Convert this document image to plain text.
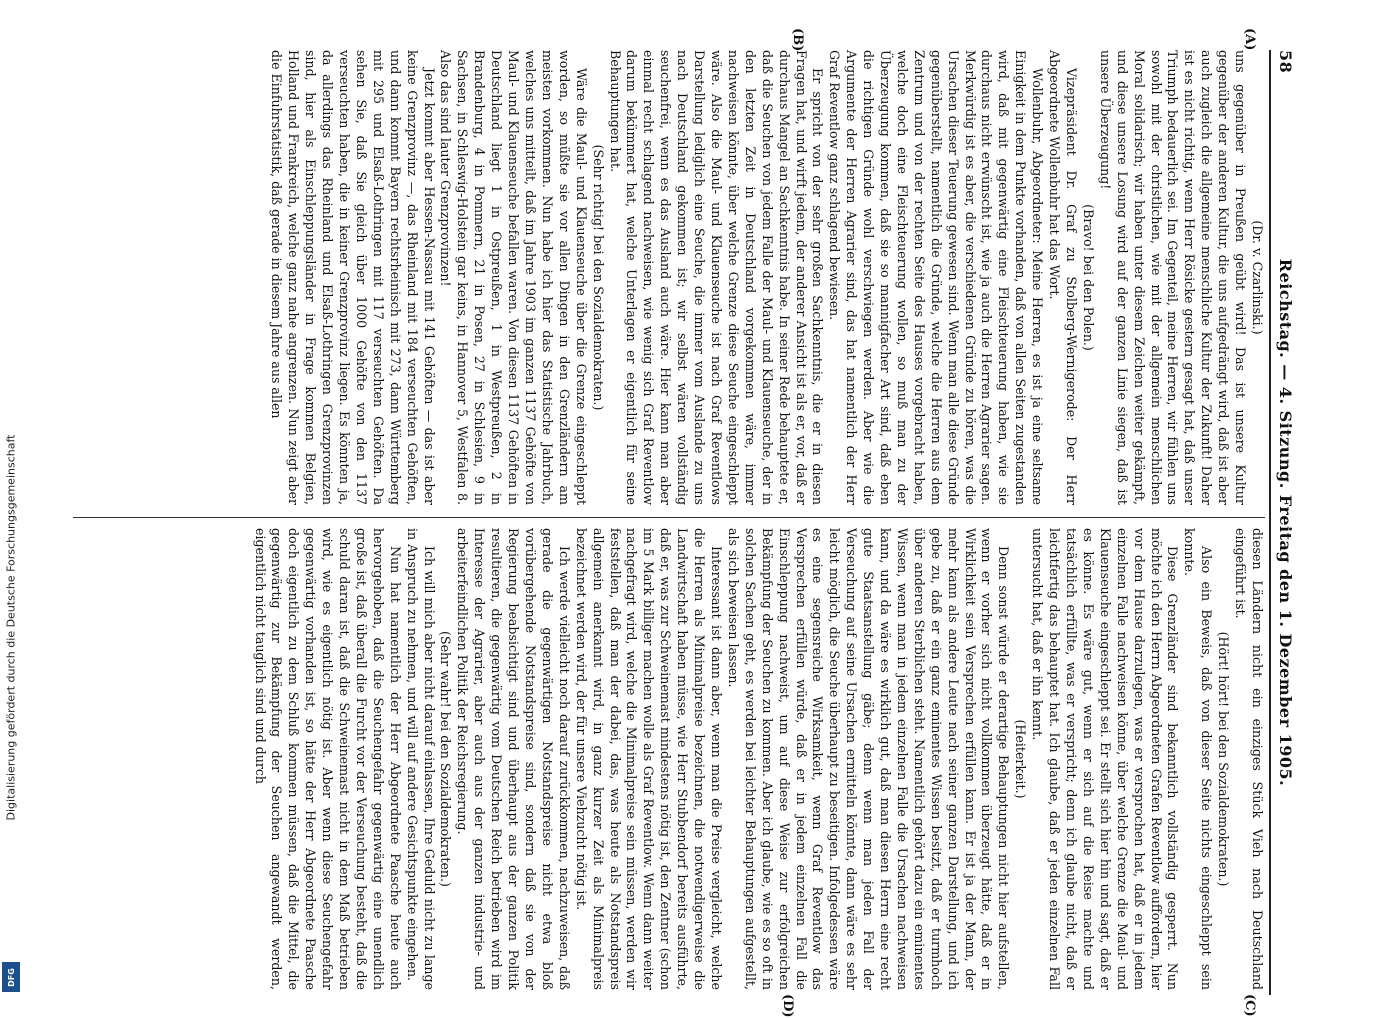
58
Reichstag. — 4. Sitzung. Freitag den 1. Dezember 1905.
(A)
(B)
(C)
(D)

(Dr. v. Czarlinski.)

uns gegenüber in Preußen geübt wird! Das ist unsere Kultur gegenüber der anderen Kultur, die uns aufgedrängt wird, daß ist aber auch zugleich die allgemeine menschliche Kultur der Zukunft! Daher ist es nicht richtig, wenn Herr Rösicke gestern gesagt hat, daß unser Triumph bedauerlich sei. Im Gegenteil, meine Herren, wir fühlen uns sowohl mit der christlichen, wie mit der allgemein menschlichen Moral solidarisch; wir haben unter diesem Zeichen weiter gekämpft, und diese unsere Losung wird auf der ganzen Linie siegen, daß ist unsere Überzeugung!

(Bravo! bei den Polen.)

Vizepräsident Dr. Graf zu Stolberg-Wernigerode: Der Herr Abgeordnete Wollenbuhr hat das Wort.

Wollenbuhr, Abgeordneter: Meine Herren, es ist ja eine seltsame Einigkeit in dem Punkte vorhanden, daß von allen Seiten zugestanden wird, daß mit gegenwärtig eine Fleischteuerung haben, wie sie durchaus nicht erwünscht ist, wie ja auch die Herren Agrarier sagen. Merkwürdig ist es aber, die verschiedenen Gründe zu hören, was die Ursachen dieser Teuerung gewesen sind. Wenn man alle diese Gründe gegenüberstellt, namentlich die Gründe, welche die Herren aus dem Zentrum und von der rechten Seite des Hauses vorgebracht haben, welche doch eine Fleischteuerung wollen, so muß man zu der Überzeugung kommen, daß sie so mannigfacher Art sind, daß eben die richtigen Gründe wohl verschwiegen werden. Aber wie die Argumente der Herren Agrarier sind, das hat namentlich der Herr Graf Reventlow ganz schlagend bewiesen.

Er spricht von der sehr großen Sachkenntnis, die er in diesen Fragen hat, und wirft jedem, der anderer Ansicht ist als er, vor, daß er durchaus Mangel an Sachkenntnis habe. In seiner Rede behauptete er, daß die Seuchen von jedem Falle der Maul- und Klauenseuche, der in den letzten Zeit in Deutschland vorgekommen wäre, immer nachweisen könnte, über welche Grenze diese Seuche eingeschleppt wäre. Also die Maul- und Klauenseuche ist nach Graf Reventlows Darstellung lediglich eine Seuche, die immer vom Auslande zu uns nach Deutschland gekommen ist; wir selbst wären vollständig seuchenfrei, wenn es das Ausland auch wäre. Hier kann man aber einmal recht schlagend nachweisen, wie wenig sich Graf Reventlow darum bekümmert hat, welche Unterlagen er eigentlich für seine Behauptungen hat.

(Sehr richtig! bei den Sozialdemokraten.)

Wäre die Maul- und Klauenseuche über die Grenze eingeschleppt worden, so müßte sie vor allen Dingen in den Grenzländern am meisten vorkommen. Nun habe ich hier das Statistische Jahrbuch, welches uns mitteilt, daß im Jahre 1903 im ganzen 1137 Gehöfte von Maul- und Klauenseuche befallen waren. Von diesen 1137 Gehöften in Deutschland liegt 1 in Ostpreußen, 1 in Westpreußen, 2 in Brandenburg, 4 in Pommern, 21 in Posen, 27 in Schlesien, 9 in Sachsen, in Schleswig-Holstein gar keins, in Hannover 5, Westfalen 8. Also das sind lauter Grenzprovinzen!

Jetzt kommt aber Hessen-Nassau mit 141 Gehöften — das ist aber keine Grenzprovinz —, das Rheinland mit 184 verseuchten Gehöften, und dann kommt Bayern rechtsrheinisch mit 273, dann Württemberg mit 295 und Elsaß-Lothringen mit 117 verseuchten Gehöften. Da sehen Sie, daß Sie gleich über 1000 Gehöfte von den 1137 verseuchten haben, die in keiner Grenzprovinz liegen. Es könnten ja, da allerdings das Rheinland und Elsaß-Lothringen Grenzprovinzen sind, hier als Einschleppungsländer in Frage kommen Belgien, Holland und Frankreich, welche ganz nahe angrenzen. Nun zeigt aber die Einfuhrstatistik, daß gerade in diesem Jahre aus allen

diesen Ländern nicht ein einziges Stück Vieh nach Deutschland eingeführt ist.

(Hört! hört! bei den Sozialdemokraten.)

Also ein Beweis, daß von dieser Seite nichts eingeschleppt sein konnte.

Diese Grenzländer sind bekanntlich vollständig gesperrt. Nun möchte ich den Herrn Abgeordneten Grafen Reventlow auffordern, hier vor dem Hause darzulegen, was er versprochen hat, daß er in jedem einzelnen Falle nachweisen könne, über welche Grenze die Maul- und Klauenseuche eingeschleppt sei. Er stellt sich hier hin und sagt, daß er es könne. Es wäre gut, wenn er sich auf die Reise machte und tatsächlich erfüllte, was er verspricht; denn ich glaube nicht, daß er leichtfertig das behauptet hat. Ich glaube, daß er jeden einzelnen Fall untersucht hat, daß er ihn kennt.

(Heiterkeit.)

Denn sonst würde er derartige Behauptungen nicht hier aufstellen, wenn er vorher sich nicht vollkommen überzeugt hätte, daß er in Wirklichkeit sein Versprechen erfüllen kann. Er ist ja der Mann, der mehr kann als andere Leute nach seiner ganzen Darstellung, und ich gebe zu, daß er ein ganz eminentes Wissen besitzt, daß er turmhoch über anderen Sterblichen steht. Namentlich gehört dazu ein eminentes Wissen, wenn man in jedem einzelnen Falle die Ursachen nachweisen kann, und da wäre es wirklich gut, daß man diesen Herrn eine recht gute Staatsanstellung gäbe; denn wenn man jeden Fall der Verseuchung auf seine Ursachen ermitteln könnte, dann wäre es sehr leicht möglich, die Seuche überhaupt zu beseitigen. Infolgedessen wäre es eine segensreiche Wirksamkeit, wenn Graf Reventlow das Versprechen erfüllen würde, daß er in jedem einzelnen Fall die Einschleppung nachweist, um auf diese Weise zur erfolgreichen Bekämpfung der Seuchen zu kommen. Aber ich glaube, wie es so oft in solchen Sachen geht, es werden bei leichter Behauptungen aufgestellt, als sich beweisen lassen.

Interessant ist dann aber, wenn man die Preise vergleicht, welche die Herren als Minimalpreise bezeichnen, die notwendigerweise die Landwirtschaft haben müsse, wie Herr Stubbendorf bereits ausführte, daß er, was zur Schweinemast mindestens nötig ist, den Zentner (schon im 5 Mark billiger machen wolle als Graf Reventlow. Wenn dann weiter nachgefragt wird, welche die Minimalpreise sein müssen, werden wir feststellen, daß man der dabei, das, was heute als Notstandspreis allgemein anerkannt wird, in ganz kurzer Zeit als Minimalpreis bezeichnet werden wird, der für unsere Viehzucht nötig ist.

Ich werde vielleicht noch darauf zurückkommen, nachzuweisen, daß gerade die gegenwärtigen Notstandspreise nicht etwa bloß vorübergehende Notstandspreise sind, sondern daß sie von der Regierung beabsichtigt sind und überhaupt aus der ganzen Politik resultieren, die gegenwärtig vom Deutschen Reich betrieben wird im Interesse der Agrarier, aber auch aus der ganzen industrie- und arbeiterfeindlichen Politik der Reichsregierung.

(Sehr wahr! bei den Sozialdemokraten.)

Ich will mich aber nicht darauf einlassen, Ihre Geduld nicht zu lange in Anspruch zu nehmen, und will auf andere Gesichtspunkte eingehen.

Nun hat namentlich der Herr Abgeordnete Paasche heute auch hervorgehoben, daß die Seuchengefahr gegenwärtig eine unendlich große ist, daß überall die Furcht vor der Verseuchung besteht, daß die schuld daran ist, daß die Schweinemast nicht in dem Maß betrieben wird, wie es eigentlich nötig ist. Aber wenn diese Seuchengefahr gegenwärtig vorhanden ist, so hätte der Herr Abgeordnete Paasche doch eigentlich zu dem Schluß kommen müssen, daß die Mittel, die gegenwärtig zur Bekämpfung der Seuchen angewandt werden, eigentlich nicht tauglich sind und durch

Digitalisierung gefördert durch die Deutsche Forschungsgemeinschaft
DFG
